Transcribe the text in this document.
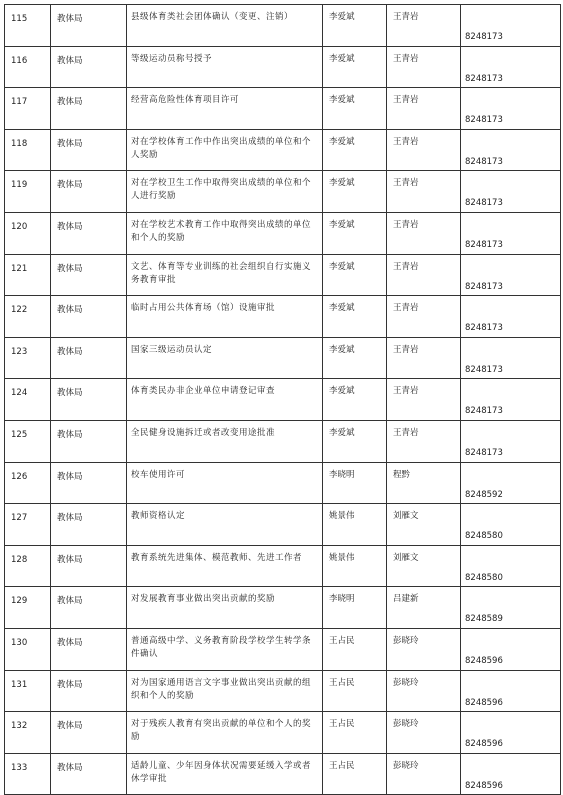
115	教体局	县级体育类社会团体确认（变更、注销）	李爱斌	王青岩	8248173

116	教体局	等级运动员称号授予	李爱斌	王青岩	8248173

117	教体局	经营高危险性体育项目许可	李爱斌	王青岩	8248173

118	教体局	对在学校体育工作中作出突出成绩的单位和个人奖励	李爱斌	王青岩	8248173

119	教体局	对在学校卫生工作中取得突出成绩的单位和个人进行奖励	李爱斌	王青岩	8248173

120	教体局	对在学校艺术教育工作中取得突出成绩的单位和个人的奖励	李爱斌	王青岩	8248173

121	教体局	文艺、体育等专业训练的社会组织自行实施义务教育审批	李爱斌	王青岩	8248173

122	教体局	临时占用公共体育场（馆）设施审批	李爱斌	王青岩	8248173

123	教体局	国家三级运动员认定	李爱斌	王青岩	8248173

124	教体局	体育类民办非企业单位申请登记审查	李爱斌	王青岩	8248173

125	教体局	全民健身设施拆迁或者改变用途批准	李爱斌	王青岩	8248173

126	教体局	校车使用许可	李晓明	程黔	8248592

127	教体局	教师资格认定	姚景伟	刘雁文	8248580

128	教体局	教育系统先进集体、模范教师、先进工作者	姚景伟	刘雁文	8248580

129	教体局	对发展教育事业做出突出贡献的奖励	李晓明	吕建新	8248589

130	教体局	普通高级中学、义务教育阶段学校学生转学条件确认	王占民	彭晓玲	8248596

131	教体局	对为国家通用语言文字事业做出突出贡献的组织和个人的奖励	王占民	彭晓玲	8248596

132	教体局	对于残疾人教育有突出贡献的单位和个人的奖励	王占民	彭晓玲	8248596

133	教体局	适龄儿童、少年因身体状况需要延缓入学或者休学审批	王占民	彭晓玲	8248596
